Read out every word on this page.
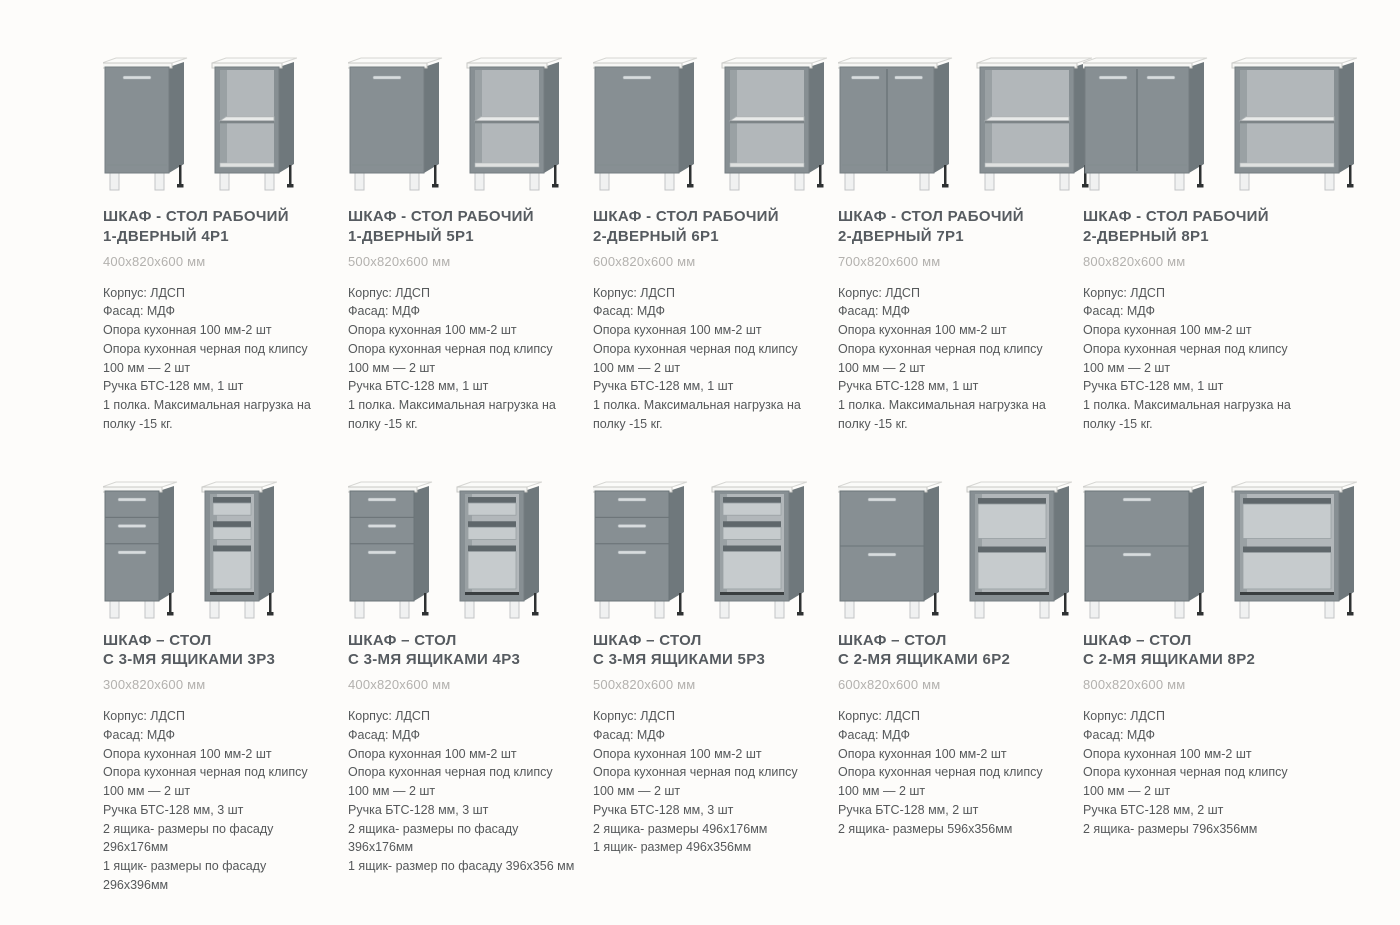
ШКАФ - СТОЛ РАБОЧИЙ
1-ДВЕРНЫЙ 4Р1
400х820х600 мм
Корпус: ЛДСП
Фасад: МДФ
Опора кухонная 100 мм-2 шт
Опора кухонная черная под клипсу 100 мм — 2 шт
Ручка БТС-128 мм, 1 шт
1 полка. Максимальная нагрузка на полку -15 кг.
ШКАФ - СТОЛ РАБОЧИЙ
1-ДВЕРНЫЙ 5Р1
500х820х600 мм
Корпус: ЛДСП
Фасад: МДФ
Опора кухонная 100 мм-2 шт
Опора кухонная черная под клипсу 100 мм — 2 шт
Ручка БТС-128 мм, 1 шт
1 полка. Максимальная нагрузка на полку -15 кг.
ШКАФ - СТОЛ РАБОЧИЙ
2-ДВЕРНЫЙ 6Р1
600х820х600 мм
Корпус: ЛДСП
Фасад: МДФ
Опора кухонная 100 мм-2 шт
Опора кухонная черная под клипсу 100 мм — 2 шт
Ручка БТС-128 мм, 1 шт
1 полка. Максимальная нагрузка на полку -15 кг.
ШКАФ - СТОЛ РАБОЧИЙ
2-ДВЕРНЫЙ 7Р1
700х820х600 мм
Корпус: ЛДСП
Фасад: МДФ
Опора кухонная 100 мм-2 шт
Опора кухонная черная под клипсу 100 мм — 2 шт
Ручка БТС-128 мм, 1 шт
1 полка. Максимальная нагрузка на полку -15 кг.
ШКАФ - СТОЛ РАБОЧИЙ
2-ДВЕРНЫЙ 8Р1
800х820х600 мм
Корпус: ЛДСП
Фасад: МДФ
Опора кухонная 100 мм-2 шт
Опора кухонная черная под клипсу 100 мм — 2 шт
Ручка БТС-128 мм, 1 шт
1 полка. Максимальная нагрузка на полку -15 кг.
ШКАФ – СТОЛ
С 3-МЯ ЯЩИКАМИ 3Р3
300х820х600 мм
Корпус: ЛДСП
Фасад: МДФ
Опора кухонная 100 мм-2 шт
Опора кухонная черная под клипсу 100 мм — 2 шт
Ручка БТС-128 мм, 3 шт
2 ящика- размеры по фасаду 296х176мм
1 ящик- размеры по фасаду 296х396мм
ШКАФ – СТОЛ
С 3-МЯ ЯЩИКАМИ 4Р3
400х820х600 мм
Корпус: ЛДСП
Фасад: МДФ
Опора кухонная 100 мм-2 шт
Опора кухонная черная под клипсу 100 мм — 2 шт
Ручка БТС-128 мм, 3 шт
2 ящика- размеры по фасаду 396х176мм
1 ящик- размер по фасаду 396х356 мм
ШКАФ – СТОЛ
С 3-МЯ ЯЩИКАМИ 5Р3
500х820х600 мм
Корпус: ЛДСП
Фасад: МДФ
Опора кухонная 100 мм-2 шт
Опора кухонная черная под клипсу 100 мм — 2 шт
Ручка БТС-128 мм, 3 шт
2 ящика- размеры 496х176мм
1 ящик- размер 496х356мм
ШКАФ – СТОЛ
С 2-МЯ ЯЩИКАМИ 6Р2
600х820х600 мм
Корпус: ЛДСП
Фасад: МДФ
Опора кухонная 100 мм-2 шт
Опора кухонная черная под клипсу 100 мм — 2 шт
Ручка БТС-128 мм, 2 шт
2 ящика- размеры 596х356мм
ШКАФ – СТОЛ
С 2-МЯ ЯЩИКАМИ 8Р2
800х820х600 мм
Корпус: ЛДСП
Фасад: МДФ
Опора кухонная 100 мм-2 шт
Опора кухонная черная под клипсу 100 мм — 2 шт
Ручка БТС-128 мм, 2 шт
2 ящика- размеры 796х356мм
